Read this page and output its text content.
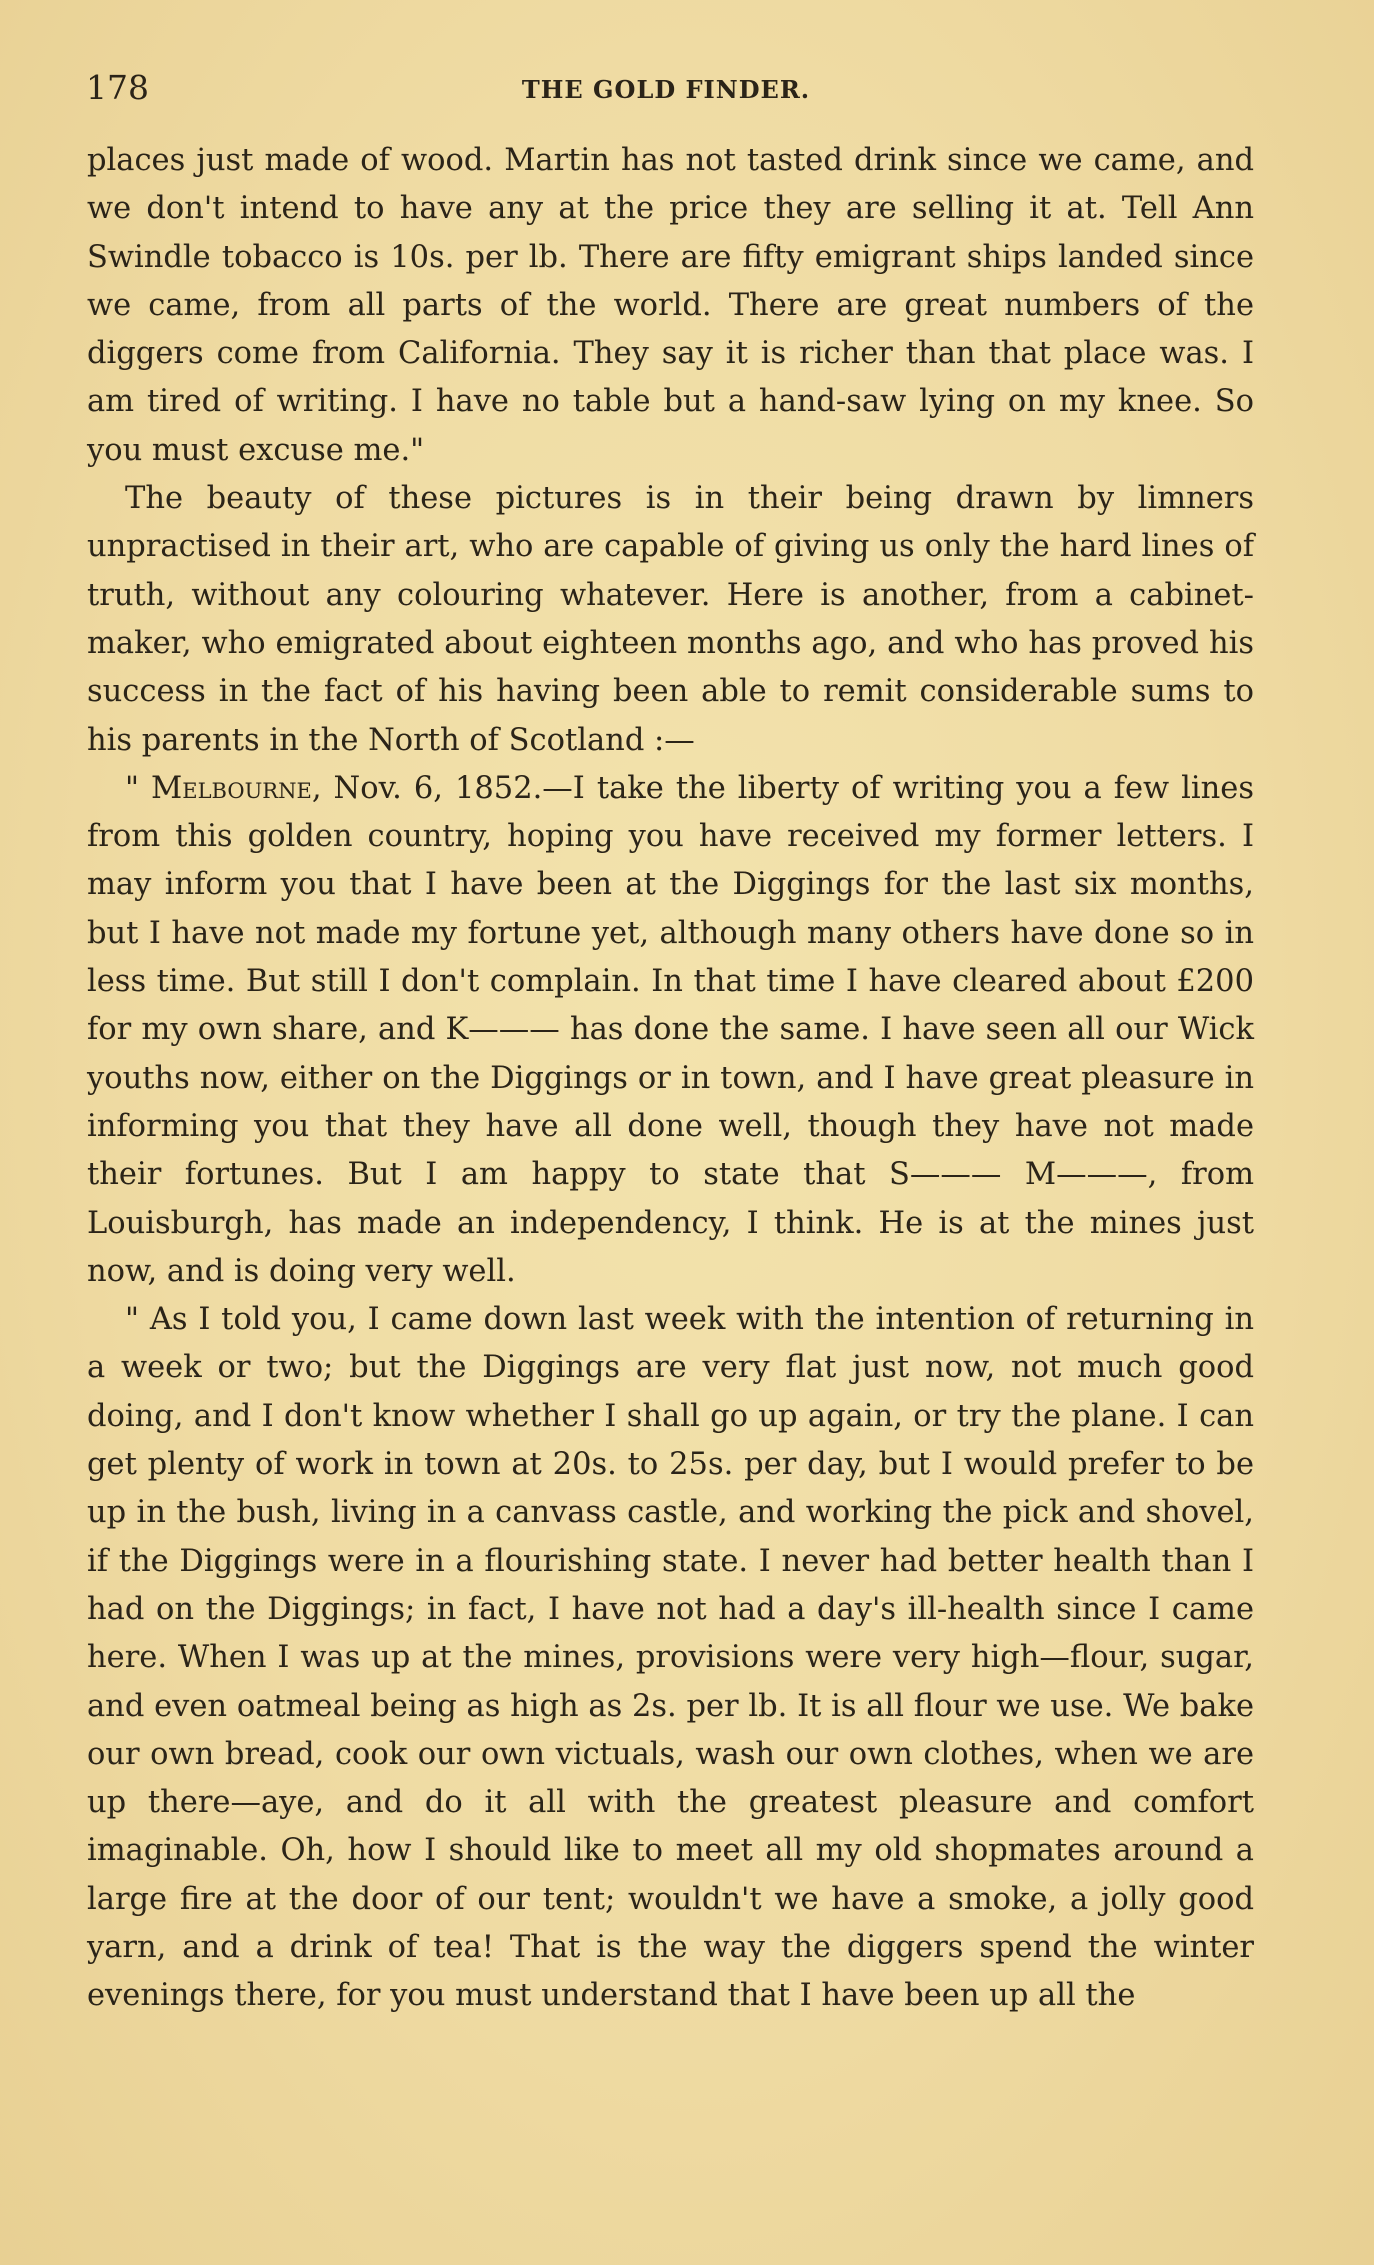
178	THE GOLD FINDER.

places just made of wood. Martin has not tasted drink since we came, and we don't intend to have any at the price they are selling it at. Tell Ann Swindle tobacco is 10s. per lb. There are fifty emigrant ships landed since we came, from all parts of the world. There are great numbers of the diggers come from California. They say it is richer than that place was. I am tired of writing. I have no table but a hand-saw lying on my knee. So you must excuse me."

The beauty of these pictures is in their being drawn by limners unpractised in their art, who are capable of giving us only the hard lines of truth, without any colouring whatever. Here is another, from a cabinet-maker, who emigrated about eighteen months ago, and who has proved his success in the fact of his having been able to remit considerable sums to his parents in the North of Scotland :—

" Melbourne, Nov. 6, 1852.—I take the liberty of writing you a few lines from this golden country, hoping you have received my former letters. I may inform you that I have been at the Diggings for the last six months, but I have not made my fortune yet, although many others have done so in less time. But still I don't complain. In that time I have cleared about £200 for my own share, and K——— has done the same. I have seen all our Wick youths now, either on the Diggings or in town, and I have great pleasure in informing you that they have all done well, though they have not made their fortunes. But I am happy to state that S——— M———, from Louisburgh, has made an independency, I think. He is at the mines just now, and is doing very well.

" As I told you, I came down last week with the intention of returning in a week or two; but the Diggings are very flat just now, not much good doing, and I don't know whether I shall go up again, or try the plane. I can get plenty of work in town at 20s. to 25s. per day, but I would prefer to be up in the bush, living in a canvass castle, and working the pick and shovel, if the Diggings were in a flourishing state. I never had better health than I had on the Diggings; in fact, I have not had a day's ill-health since I came here. When I was up at the mines, provisions were very high—flour, sugar, and even oatmeal being as high as 2s. per lb. It is all flour we use. We bake our own bread, cook our own victuals, wash our own clothes, when we are up there—aye, and do it all with the greatest pleasure and comfort imaginable. Oh, how I should like to meet all my old shopmates around a large fire at the door of our tent; wouldn't we have a smoke, a jolly good yarn, and a drink of tea! That is the way the diggers spend the winter evenings there, for you must understand that I have been up all the
